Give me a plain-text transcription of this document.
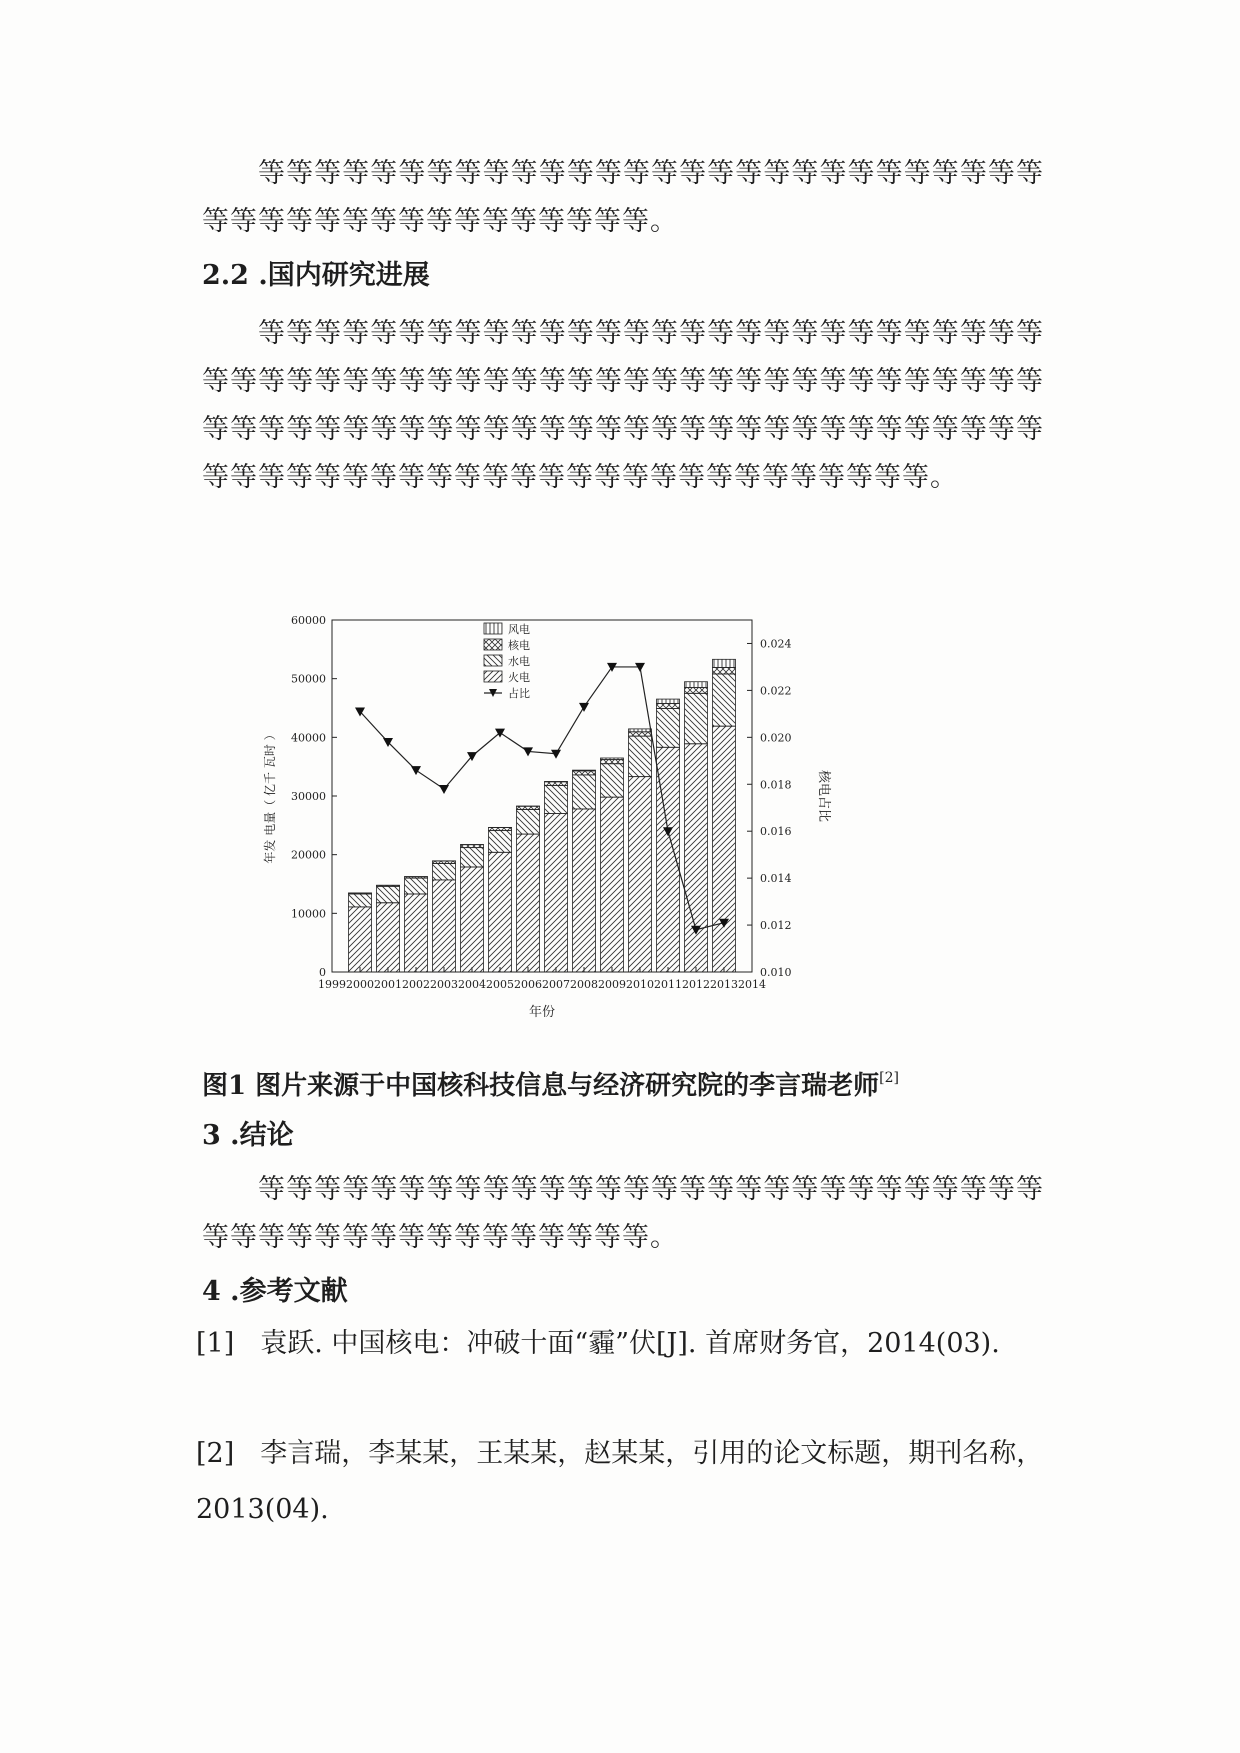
等等等等等等等等等等等等等等等等等等等等等等等等等等等等等等等等等等等等等等等等等等等等。

2.2 .国内研究进展

等等等等等等等等等等等等等等等等等等等等等等等等等等等等等等等等等等等等等等等等等等等等等等等等等等等等等等等等等等等等等等等等等等等等等等等等等等等等等等等等等等等等等等等等等等等等等等等等等等等等等等等等等等等等等等等等等等。

0
10000
20000
30000
40000
50000
60000
0.010
0.012
0.014
0.016
0.018
0.020
0.022
0.024
1999 2000 2001 2002 2003 2004 2005 2006 2007 2008 2009 2010 2011 2012 2013 2014
年份
年发 电量（ 亿千 瓦时 ）	核电占比
风电
核电
水电
火电
占比

图1 图片来源于中国核科技信息与经济研究院的李言瑞老师[2]

3 .结论

等等等等等等等等等等等等等等等等等等等等等等等等等等等等等等等等等等等等等等等等等等等等。

4 .参考文献

[1] 袁跃. 中国核电：冲破十面“霾”伏[J]. 首席财务官，2014(03).

[2] 李言瑞，李某某，王某某，赵某某，引用的论文标题，期刊名称，2013(04).
